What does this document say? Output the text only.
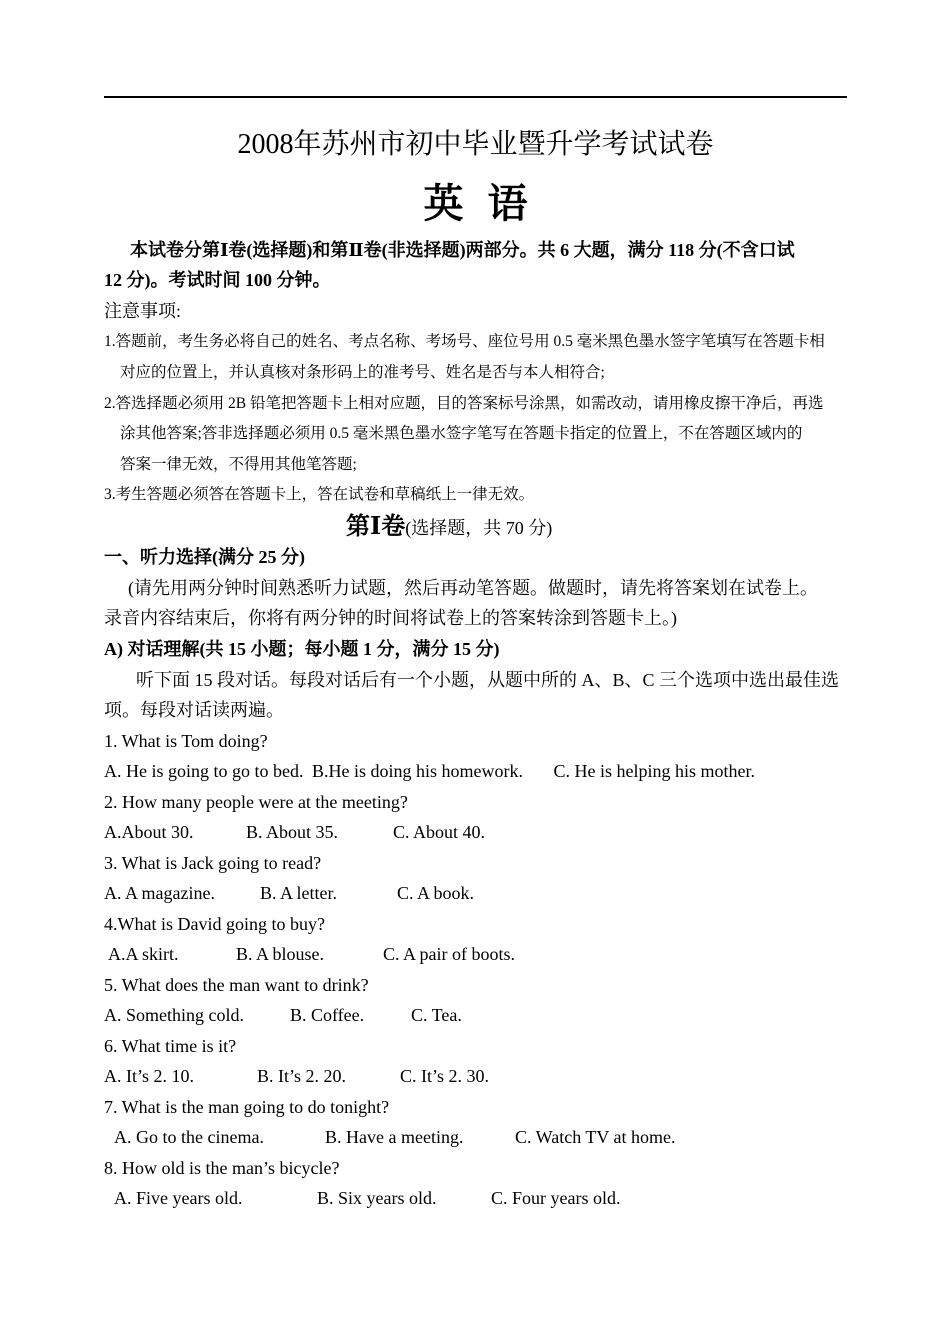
2008年苏州市初中毕业暨升学考试试卷
英语
本试卷分第Ⅰ卷(选择题)和第Ⅱ卷(非选择题)两部分。共 6 大题，满分 118 分(不含口试
12 分)。考试时间 100 分钟。
注意事项:
1.答题前，考生务必将自己的姓名、考点名称、考场号、座位号用 0.5 毫米黑色墨水签字笔填写在答题卡相
对应的位置上，并认真核对条形码上的准考号、姓名是否与本人相符合;
2.答选择题必须用 2B 铅笔把答题卡上相对应题，目的答案标号涂黑，如需改动，请用橡皮擦干净后，再选
涂其他答案;答非选择题必须用 0.5 毫米黑色墨水签字笔写在答题卡指定的位置上，不在答题区域内的
答案一律无效，不得用其他笔答题;
3.考生答题必须答在答题卡上，答在试卷和草稿纸上一律无效。
第Ⅰ卷(选择题，共 70 分)
一、听力选择(满分 25 分)
(请先用两分钟时间熟悉听力试题，然后再动笔答题。做题时，请先将答案划在试卷上。
录音内容结束后，你将有两分钟的时间将试卷上的答案转涂到答题卡上。)
A) 对话理解(共 15 小题；每小题 1 分，满分 15 分)
听下面 15 段对话。每段对话后有一个小题，从题中所的 A、B、C 三个选项中选出最佳选
项。每段对话读两遍。
1. What is Tom doing?
A. He is going to go to bed. B.He is doing his homework. C. He is helping his mother.
2. How many people were at the meeting?
A.About 30.	B. About 35.	C. About 40.
3. What is Jack going to read?
A. A magazine.	B. A letter.	C. A book.
4.What is David going to buy?
A.A skirt.	B. A blouse.	C. A pair of boots.
5. What does the man want to drink?
A. Something cold.	B. Coffee.	C. Tea.
6. What time is it?
A. It’s 2. 10.	B. It’s 2. 20.	C. It’s 2. 30.
7. What is the man going to do tonight?
A. Go to the cinema.	B. Have a meeting.	C. Watch TV at home.
8. How old is the man’s bicycle?
A. Five years old.	B. Six years old.	C. Four years old.
